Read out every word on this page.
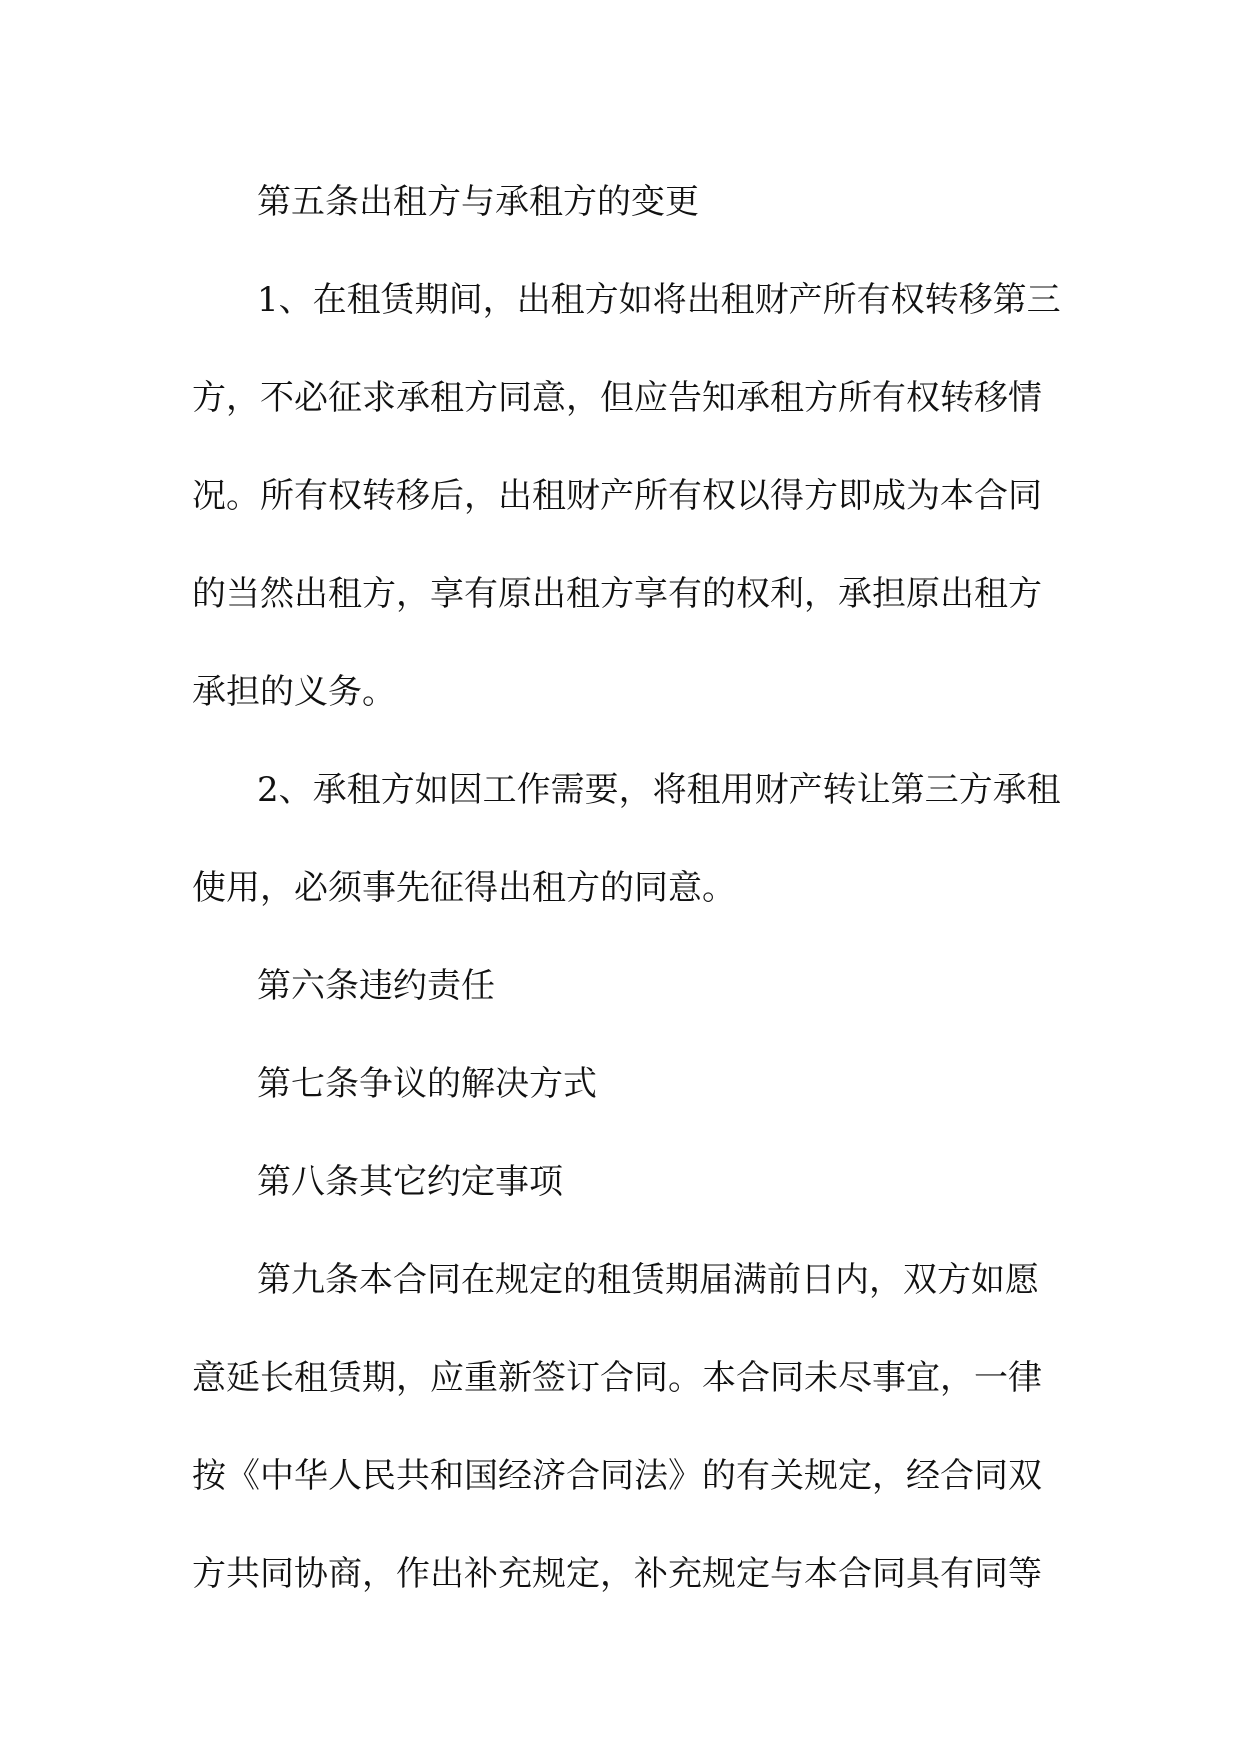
第五条出租方与承租方的变更
1、在租赁期间，出租方如将出租财产所有权转移第三
方，不必征求承租方同意，但应告知承租方所有权转移情
况。所有权转移后，出租财产所有权以得方即成为本合同
的当然出租方，享有原出租方享有的权利，承担原出租方
承担的义务。
2、承租方如因工作需要，将租用财产转让第三方承租
使用，必须事先征得出租方的同意。
第六条违约责任
第七条争议的解决方式
第八条其它约定事项
第九条本合同在规定的租赁期届满前日内，双方如愿
意延长租赁期，应重新签订合同。本合同未尽事宜，一律
按《中华人民共和国经济合同法》的有关规定，经合同双
方共同协商，作出补充规定，补充规定与本合同具有同等
